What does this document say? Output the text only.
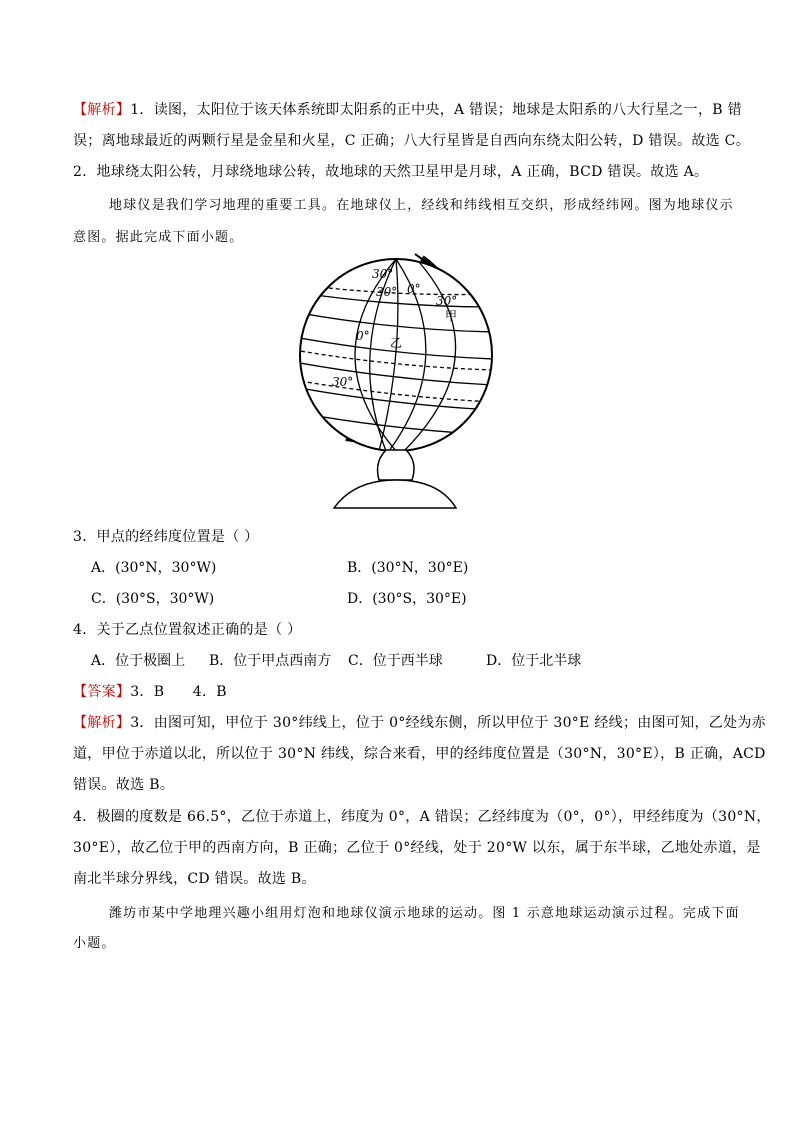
【解析】1．读图，太阳位于该天体系统即太阳系的正中央，A 错误；地球是太阳系的八大行星之一，B 错
误；离地球最近的两颗行星是金星和火星，C 正确；八大行星皆是自西向东绕太阳公转，D 错误。故选 C。
2．地球绕太阳公转，月球绕地球公转，故地球的天然卫星甲是月球，A 正确，BCD 错误。故选 A。
地球仪是我们学习地理的重要工具。在地球仪上，经线和纬线相互交织，形成经纬网。图为地球仪示
意图。据此完成下面小题。
30°
30° 0°
30°
甲
0° 乙
30°
3．甲点的经纬度位置是（ ）
A．(30°N，30°W)	B．(30°N，30°E)
C．(30°S，30°W)	D．(30°S，30°E)
4．关于乙点位置叙述正确的是（ ）
A．位于极圈上 B．位于甲点西南方 C．位于西半球	D．位于北半球
【答案】3．B      4．B
【解析】3．由图可知，甲位于 30°纬线上，位于 0°经线东侧，所以甲位于 30°E 经线；由图可知，乙处为赤
道，甲位于赤道以北，所以位于 30°N 纬线，综合来看，甲的经纬度位置是（30°N，30°E），B 正确，ACD
错误。故选 B。
4．极圈的度数是 66.5°，乙位于赤道上，纬度为 0°，A 错误；乙经纬度为（0°，0°），甲经纬度为（30°N，
30°E），故乙位于甲的西南方向，B 正确；乙位于 0°经线，处于 20°W 以东，属于东半球，乙地处赤道，是
南北半球分界线，CD 错误。故选 B。
潍坊市某中学地理兴趣小组用灯泡和地球仪演示地球的运动。图 1 示意地球运动演示过程。完成下面
小题。
